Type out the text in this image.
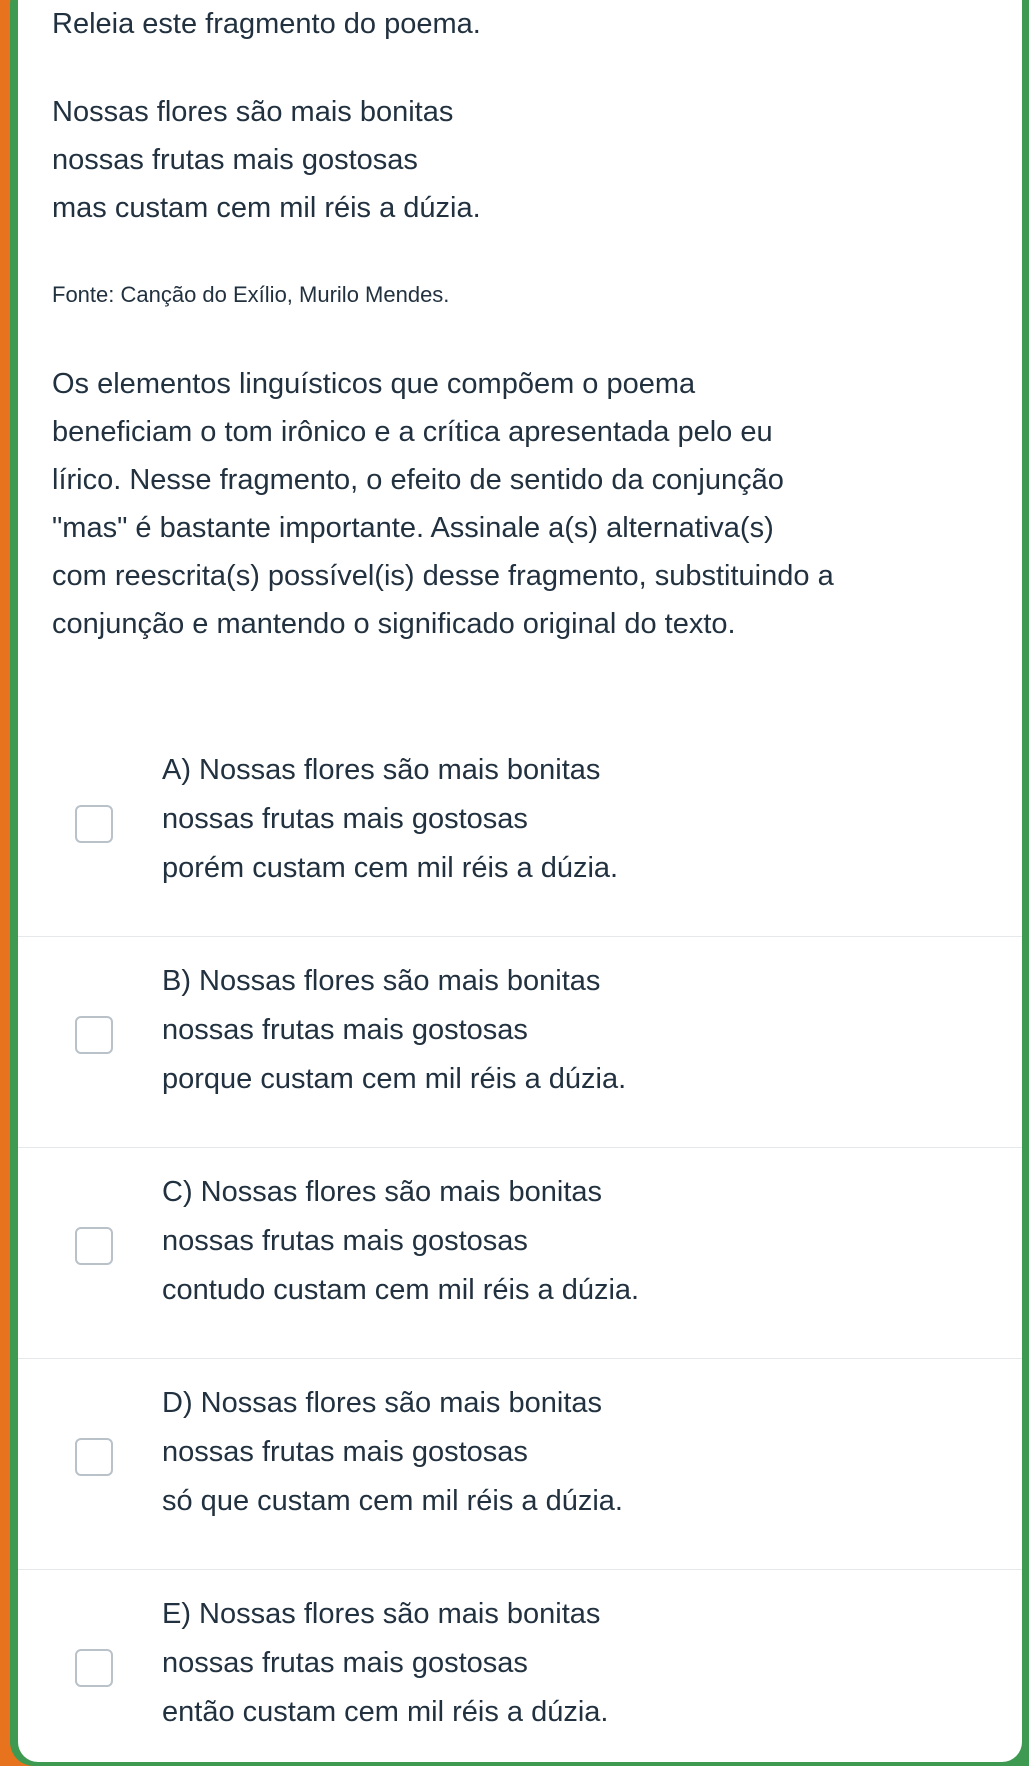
Releia este fragmento do poema.

Nossas flores são mais bonitas

nossas frutas mais gostosas

mas custam cem mil réis a dúzia.

Fonte: Canção do Exílio, Murilo Mendes.

Os elementos linguísticos que compõem o poema

beneficiam o tom irônico e a crítica apresentada pelo eu

lírico. Nesse fragmento, o efeito de sentido da conjunção

"mas" é bastante importante. Assinale a(s) alternativa(s)

com reescrita(s) possível(is) desse fragmento, substituindo a

conjunção e mantendo o significado original do texto.

A) Nossas flores são mais bonitas

nossas frutas mais gostosas

porém custam cem mil réis a dúzia.

B) Nossas flores são mais bonitas

nossas frutas mais gostosas

porque custam cem mil réis a dúzia.

C) Nossas flores são mais bonitas

nossas frutas mais gostosas

contudo custam cem mil réis a dúzia.

D) Nossas flores são mais bonitas

nossas frutas mais gostosas

só que custam cem mil réis a dúzia.

E) Nossas flores são mais bonitas

nossas frutas mais gostosas

então custam cem mil réis a dúzia.
